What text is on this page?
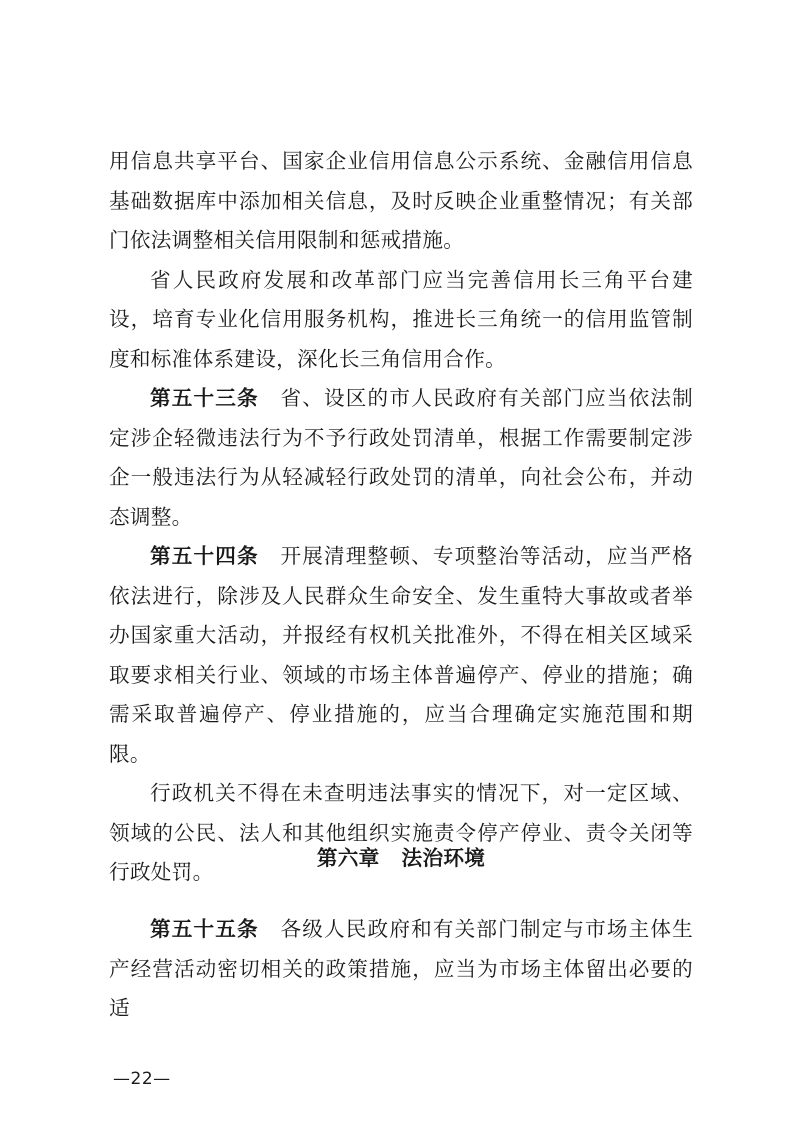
用信息共享平台、国家企业信用信息公示系统、金融信用信息基础数据库中添加相关信息，及时反映企业重整情况；有关部门依法调整相关信用限制和惩戒措施。

省人民政府发展和改革部门应当完善信用长三角平台建设，培育专业化信用服务机构，推进长三角统一的信用监管制度和标准体系建设，深化长三角信用合作。

第五十三条  省、设区的市人民政府有关部门应当依法制定涉企轻微违法行为不予行政处罚清单，根据工作需要制定涉企一般违法行为从轻减轻行政处罚的清单，向社会公布，并动态调整。

第五十四条  开展清理整顿、专项整治等活动，应当严格依法进行，除涉及人民群众生命安全、发生重特大事故或者举办国家重大活动，并报经有权机关批准外，不得在相关区域采取要求相关行业、领域的市场主体普遍停产、停业的措施；确需采取普遍停产、停业措施的，应当合理确定实施范围和期限。

行政机关不得在未查明违法事实的情况下，对一定区域、领域的公民、法人和其他组织实施责令停产停业、责令关闭等行政处罚。

第六章 法治环境

第五十五条  各级人民政府和有关部门制定与市场主体生产经营活动密切相关的政策措施，应当为市场主体留出必要的适

—22—
